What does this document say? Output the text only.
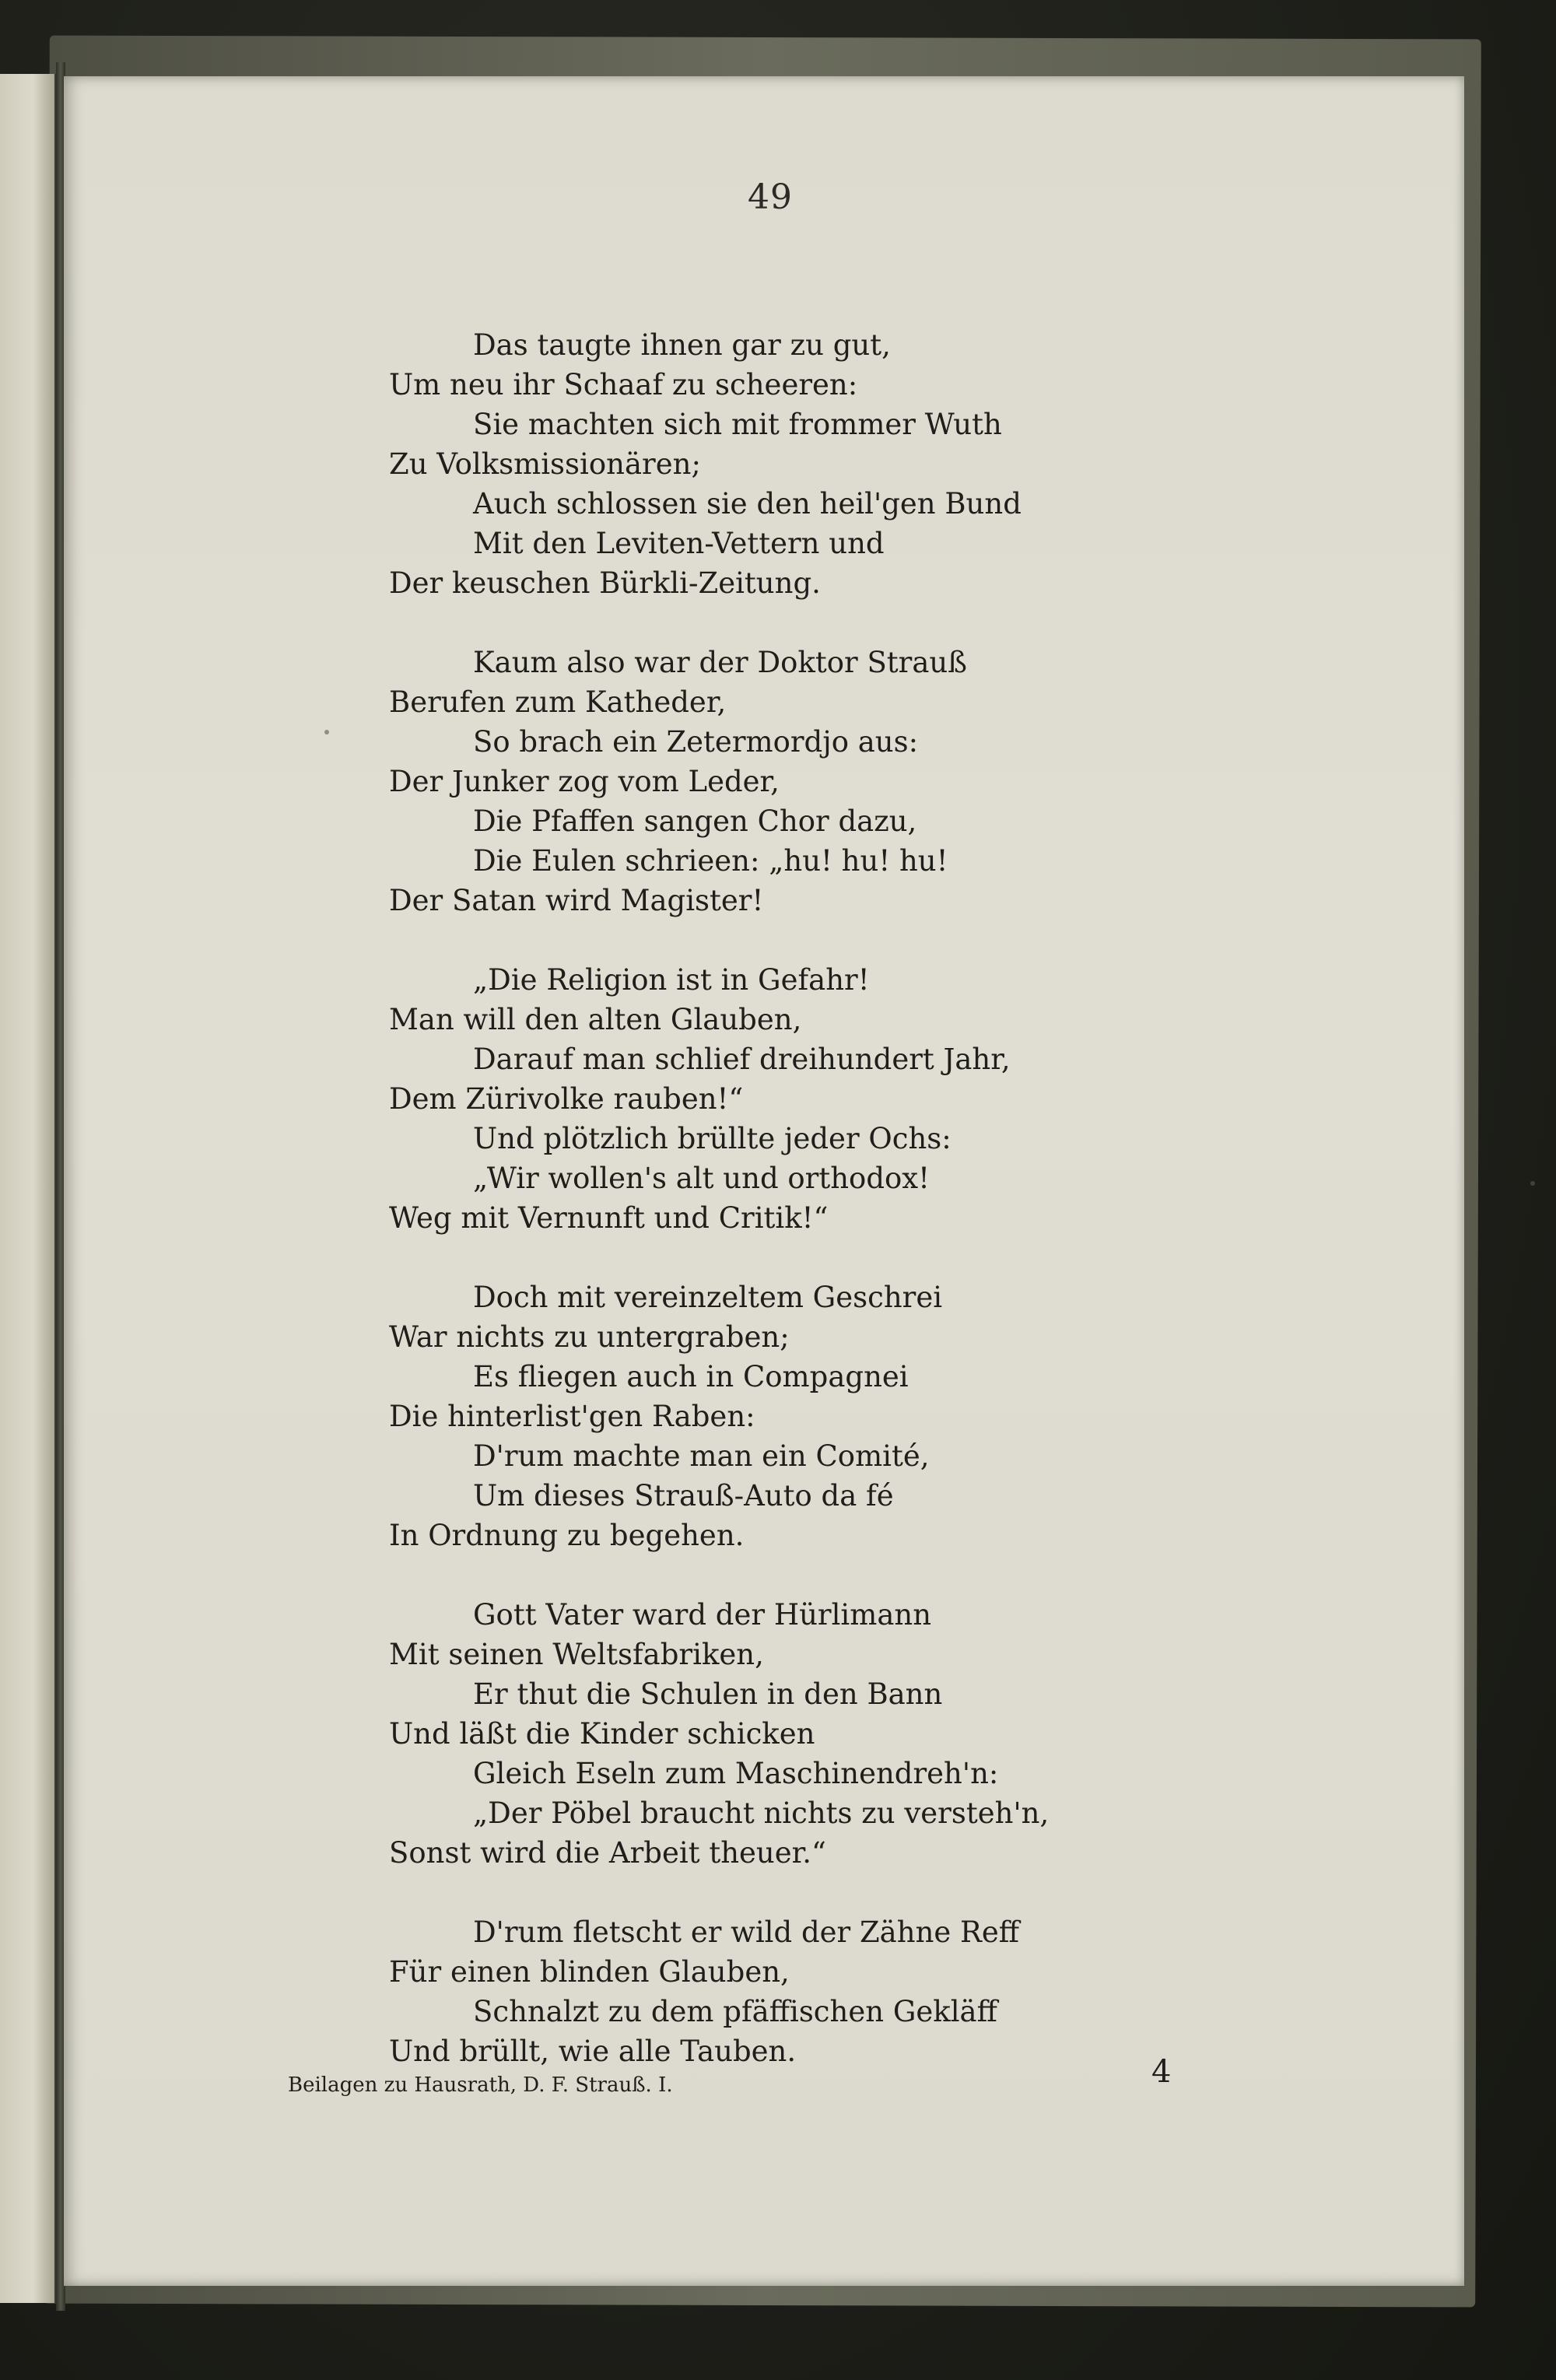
49
Das taugte ihnen gar zu gut,
Um neu ihr Schaaf zu scheeren:
Sie machten sich mit frommer Wuth
Zu Volksmissionären;
Auch schlossen sie den heil'gen Bund
Mit den Leviten-Vettern und
Der keuschen Bürkli-Zeitung.
Kaum also war der Doktor Strauß
Berufen zum Katheder,
So brach ein Zetermordjo aus:
Der Junker zog vom Leder,
Die Pfaffen sangen Chor dazu,
Die Eulen schrieen: „hu! hu! hu!
Der Satan wird Magister!
„Die Religion ist in Gefahr!
Man will den alten Glauben,
Darauf man schlief dreihundert Jahr,
Dem Zürivolke rauben!“
Und plötzlich brüllte jeder Ochs:
„Wir wollen's alt und orthodox!
Weg mit Vernunft und Critik!“
Doch mit vereinzeltem Geschrei
War nichts zu untergraben;
Es fliegen auch in Compagnei
Die hinterlist'gen Raben:
D'rum machte man ein Comité,
Um dieses Strauß-Auto da fé
In Ordnung zu begehen.
Gott Vater ward der Hürlimann
Mit seinen Weltsfabriken,
Er thut die Schulen in den Bann
Und läßt die Kinder schicken
Gleich Eseln zum Maschinendreh'n:
„Der Pöbel braucht nichts zu versteh'n,
Sonst wird die Arbeit theuer.“
D'rum fletscht er wild der Zähne Reff
Für einen blinden Glauben,
Schnalzt zu dem pfäffischen Gekläff
Und brüllt, wie alle Tauben.
Beilagen zu Hausrath, D. F. Strauß. I.	4
